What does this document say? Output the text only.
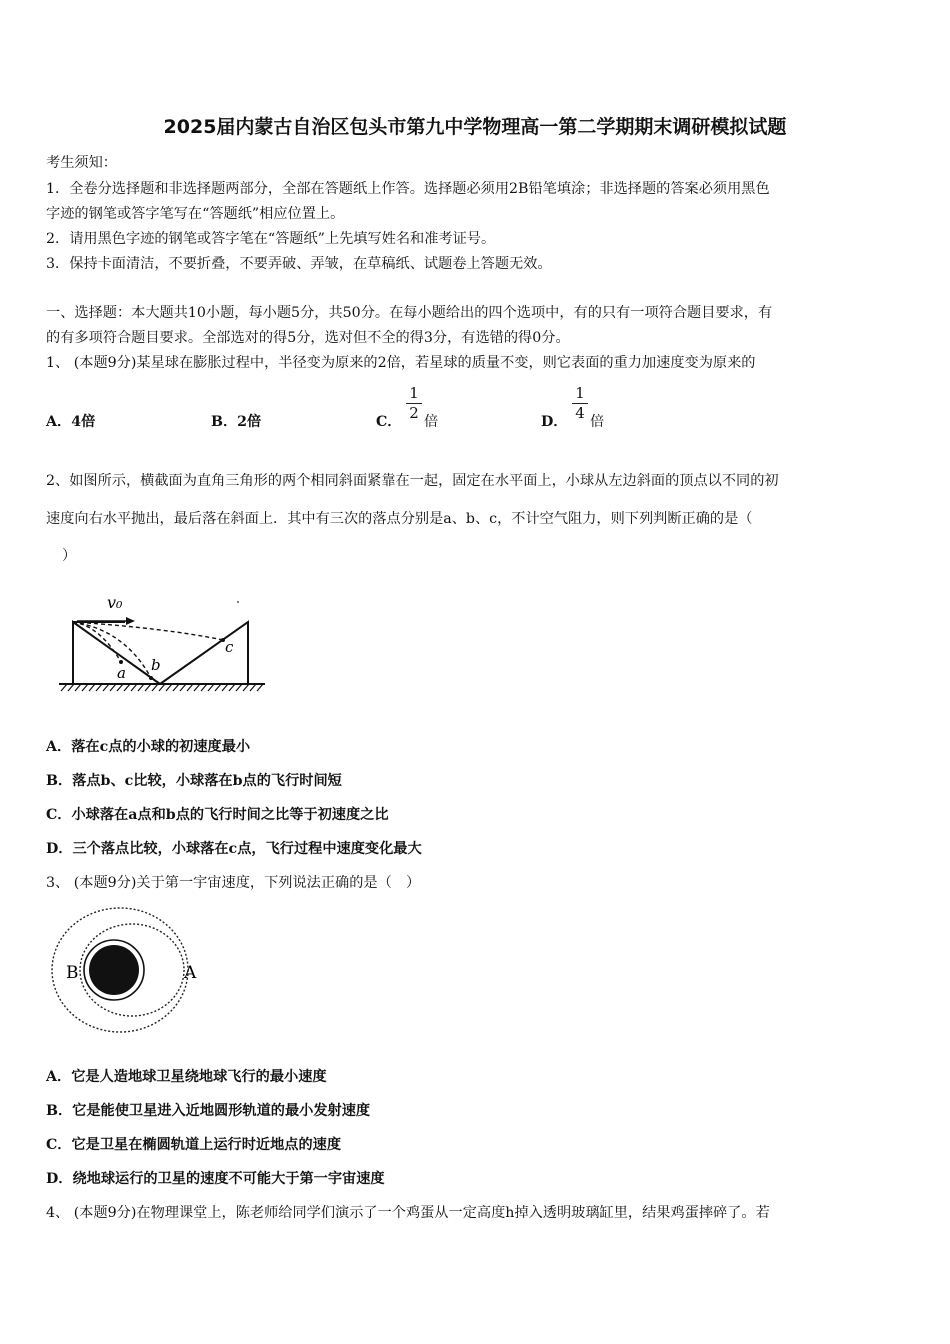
2025届内蒙古自治区包头市第九中学物理高一第二学期期末调研模拟试题
考生须知：
1．全卷分选择题和非选择题两部分，全部在答题纸上作答。选择题必须用2B铅笔填涂；非选择题的答案必须用黑色
字迹的钢笔或答字笔写在“答题纸”相应位置上。
2．请用黑色字迹的钢笔或答字笔在“答题纸”上先填写姓名和准考证号。
3．保持卡面清洁，不要折叠，不要弄破、弄皱，在草稿纸、试题卷上答题无效。
一、选择题：本大题共10小题，每小题5分，共50分。在每小题给出的四个选项中，有的只有一项符合题目要求，有
的有多项符合题目要求。全部选对的得5分，选对但不全的得3分，有选错的得0分。
1、 (本题9分)某星球在膨胀过程中，半径变为原来的2倍，若星球的质量不变，则它表面的重力加速度变为原来的
A．4倍	B．2倍	C．
1
2 倍	D．
1
4 倍
2、如图所示，横截面为直角三角形的两个相同斜面紧靠在一起，固定在水平面上，小球从左边斜面的顶点以不同的初
速度向右水平抛出，最后落在斜面上．其中有三次的落点分别是a、b、c，不计空气阻力，则下列判断正确的是（
）
v₀
a b
c
A．落在c点的小球的初速度最小
B．落点b、c比较，小球落在b点的飞行时间短
C．小球落在a点和b点的飞行时间之比等于初速度之比
D．三个落点比较，小球落在c点，飞行过程中速度变化最大
3、 (本题9分)关于第一宇宙速度，下列说法正确的是（　）
B	A
A．它是人造地球卫星绕地球飞行的最小速度
B．它是能使卫星进入近地圆形轨道的最小发射速度
C．它是卫星在椭圆轨道上运行时近地点的速度
D．绕地球运行的卫星的速度不可能大于第一宇宙速度
4、 (本题9分)在物理课堂上，陈老师给同学们演示了一个鸡蛋从一定高度h掉入透明玻璃缸里，结果鸡蛋摔碎了。若
